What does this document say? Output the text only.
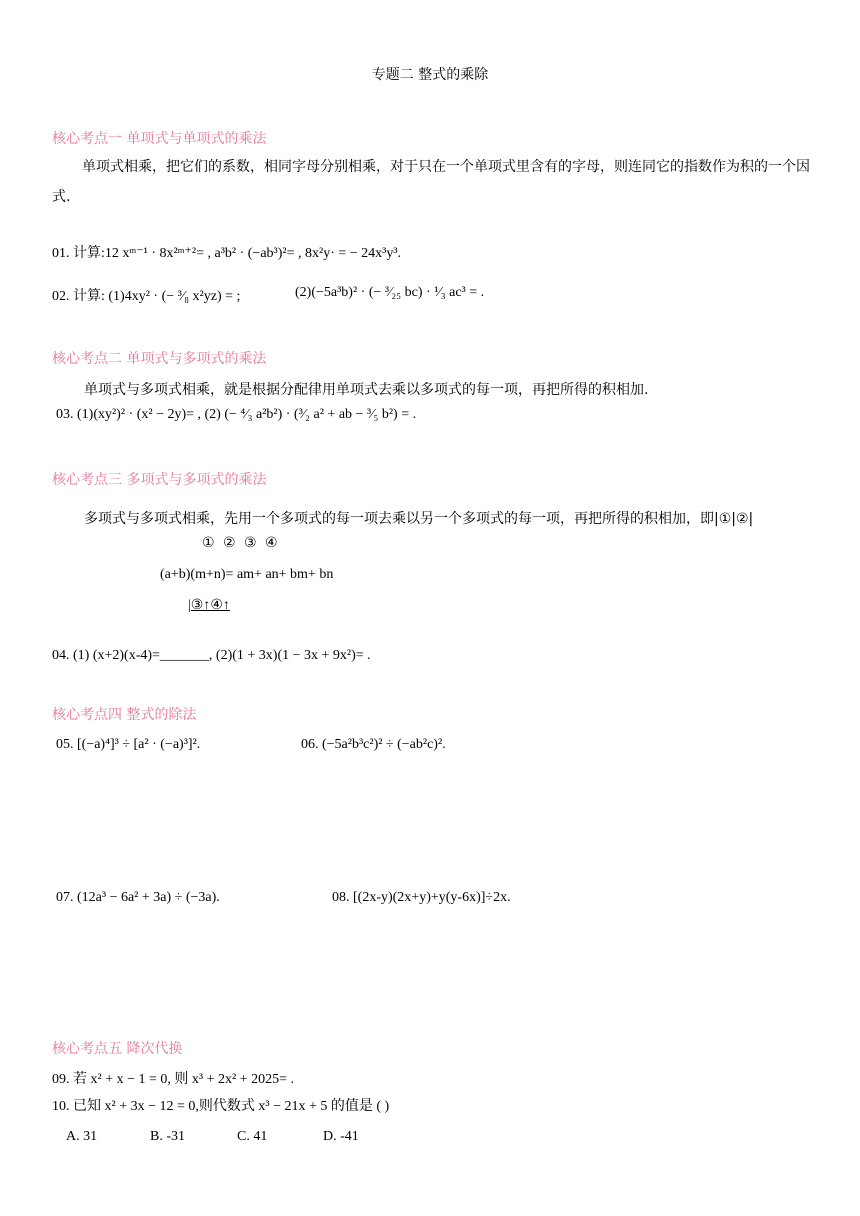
专题二 整式的乘除
核心考点一 单项式与单项式的乘法
单项式相乘，把它们的系数，相同字母分别相乘，对于只在一个单项式里含有的字母，则连同它的指数作为积的一个因式.
01. 计算:12 xᵐ⁻¹ · 8x²ᵐ⁺²= , a³b² · (−ab³)²= , 8x²y· = − 24x³y³.
02. 计算: (1)4xy² · (− ³⁄₈ x²yz) = ;	(2)(−5a³b)² · (− ³⁄₂₅ bc) · ¹⁄₃ ac³ = .
核心考点二 单项式与多项式的乘法
单项式与多项式相乘，就是根据分配律用单项式去乘以多项式的每一项，再把所得的积相加.
03. (1)(xy²)² · (x² − 2y)= , (2) (− ⁴⁄₃ a²b²) · (³⁄₂ a² + ab − ³⁄₅ b²) = .
核心考点三 多项式与多项式的乘法
多项式与多项式相乘，先用一个多项式的每一项去乘以另一个多项式的每一项，再把所得的积相加，即|①|②|
① ② ③ ④
(a+b)(m+n)= am+ an+ bm+ bn
|③↑④↑
04. (1) (x+2)(x-4)=_______, (2)(1 + 3x)(1 − 3x + 9x²)= .
核心考点四 整式的除法
05. [(−a)⁴]³ ÷ [a² · (−a)³]².	06. (−5a²b³c²)² ÷ (−ab²c)².
07. (12a³ − 6a² + 3a) ÷ (−3a).	08. [(2x-y)(2x+y)+y(y-6x)]÷2x.
核心考点五 降次代换
09. 若 x² + x − 1 = 0, 则 x³ + 2x² + 2025= .
10. 已知 x² + 3x − 12 = 0,则代数式 x³ − 21x + 5 的值是 ( )
A. 31	B. -31	C. 41	D. -41
